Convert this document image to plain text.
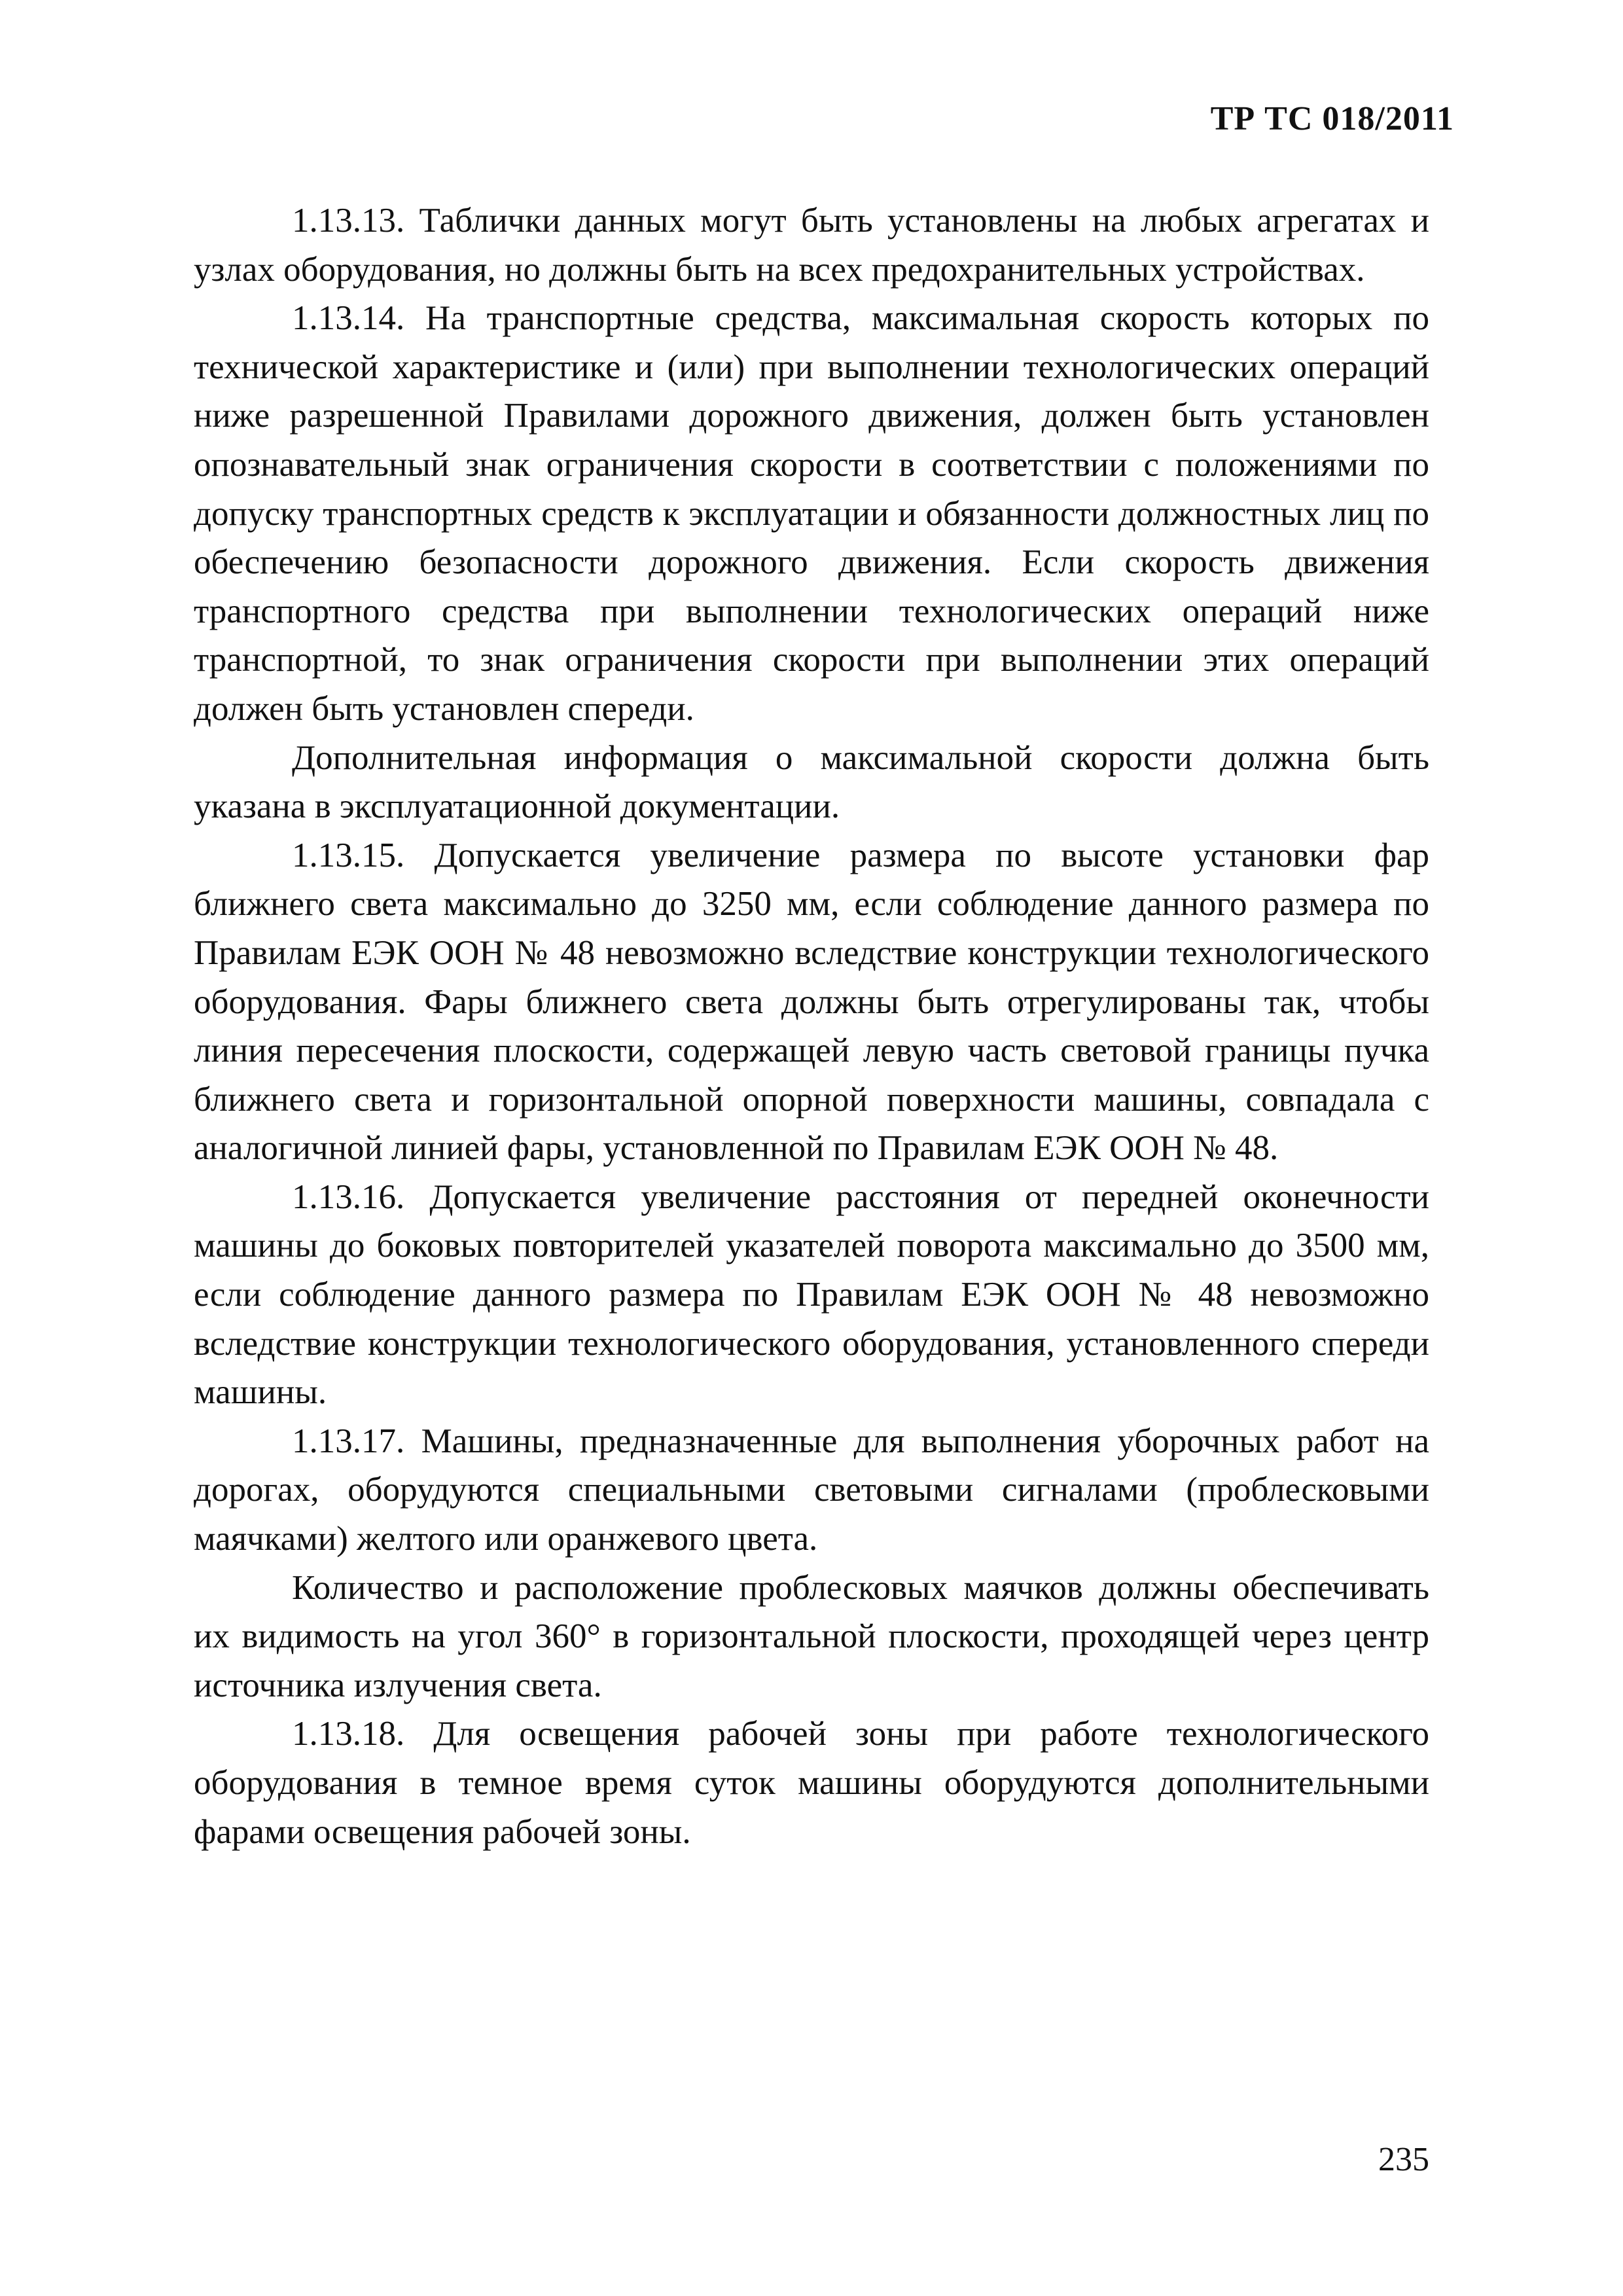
ТР ТС 018/2011

1.13.13. Таблички данных могут быть установлены на любых агрегатах и узлах оборудования, но должны быть на всех предохранительных устройствах.

1.13.14. На транспортные средства, максимальная скорость которых по технической характеристике и (или) при выполнении технологических операций ниже разрешенной Правилами дорожного движения, должен быть установлен опознавательный знак ограничения скорости в соответствии с положениями по допуску транспортных средств к эксплуатации и обязанности должностных лиц по обеспечению безопасности дорожного движения. Если скорость движения транспортного средства при выполнении технологических операций ниже транспортной, то знак ограничения скорости при выполнении этих операций должен быть установлен спереди.

Дополнительная информация о максимальной скорости должна быть указана в эксплуатационной документации.

1.13.15. Допускается увеличение размера по высоте установки фар ближнего света максимально до 3250 мм, если соблюдение данного размера по Правилам ЕЭК ООН № 48 невозможно вследствие конструкции технологического оборудования. Фары ближнего света должны быть отрегулированы так, чтобы линия пересечения плоскости, содержащей левую часть световой границы пучка ближнего света и горизонтальной опорной поверхности машины, совпадала с аналогичной линией фары, установленной по Правилам ЕЭК ООН № 48.

1.13.16. Допускается увеличение расстояния от передней оконечности машины до боковых повторителей указателей поворота максимально до 3500 мм, если соблюдение данного размера по Правилам ЕЭК ООН № 48 невозможно вследствие конструкции технологического оборудования, установленного спереди машины.

1.13.17. Машины, предназначенные для выполнения уборочных работ на дорогах, оборудуются специальными световыми сигналами (проблесковыми маячками) желтого или оранжевого цвета.

Количество и расположение проблесковых маячков должны обеспечивать их видимость на угол 360° в горизонтальной плоскости, проходящей через центр источника излучения света.

1.13.18. Для освещения рабочей зоны при работе технологического оборудования в темное время суток машины оборудуются дополнительными фарами освещения рабочей зоны.

235
